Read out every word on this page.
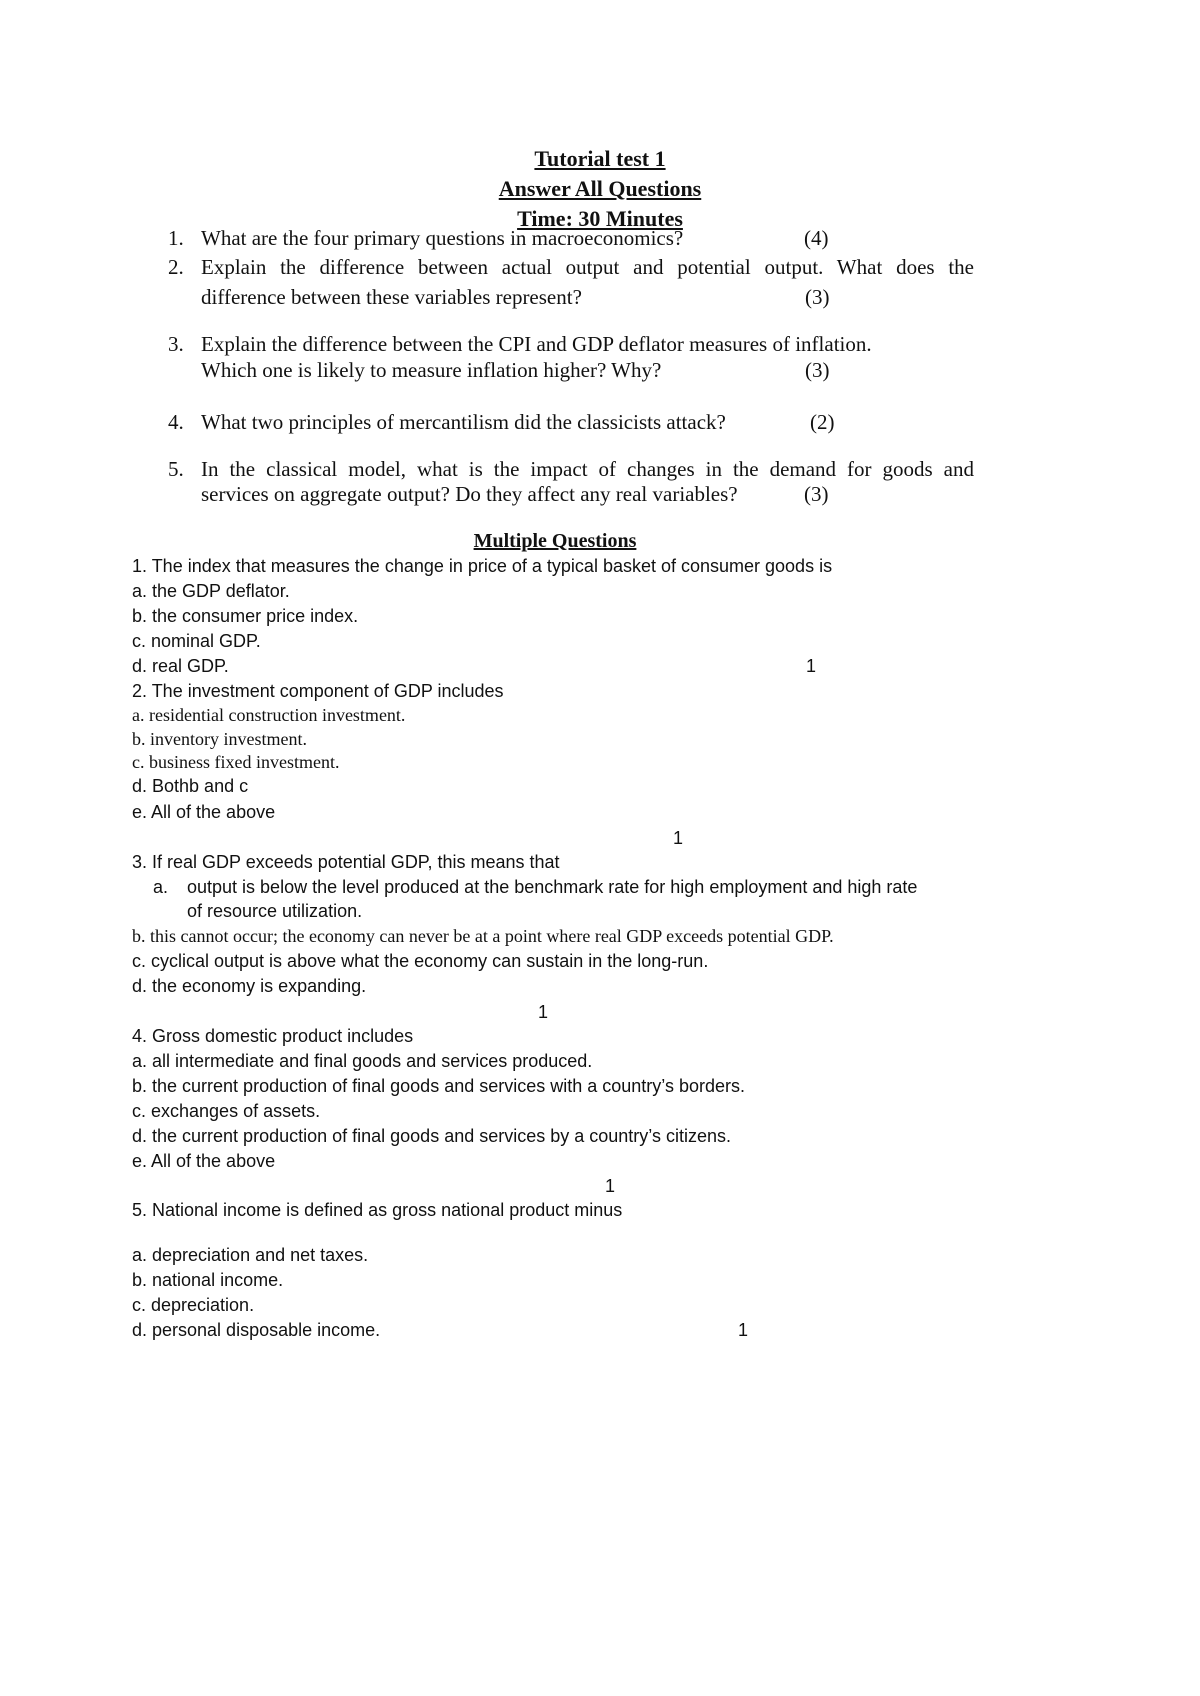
Tutorial test 1
Answer All Questions
Time: 30 Minutes
1. What are the four primary questions in macroeconomics?	(4)
2. Explain the difference between actual output and potential output. What does the
difference between these variables represent?	(3)
3. Explain the difference between the CPI and GDP deflator measures of inflation.
Which one is likely to measure inflation higher? Why?	(3)
4. What two principles of mercantilism did the classicists attack?	(2)
5. In the classical model, what is the impact of changes in the demand for goods and
services on aggregate output? Do they affect any real variables?	(3)
Multiple Questions
1. The index that measures the change in price of a typical basket of consumer goods is
a. the GDP deflator.
b. the consumer price index.
c. nominal GDP.
d. real GDP.	1
2. The investment component of GDP includes
a. residential construction investment.
b. inventory investment.
c. business fixed investment.
d. Bothb and c
e. All of the above
1
3. If real GDP exceeds potential GDP, this means that
a. output is below the level produced at the benchmark rate for high employment and high rate
of resource utilization.
b. this cannot occur; the economy can never be at a point where real GDP exceeds potential GDP.
c. cyclical output is above what the economy can sustain in the long-run.
d. the economy is expanding.
1
4. Gross domestic product includes
a. all intermediate and final goods and services produced.
b. the current production of final goods and services with a country’s borders.
c. exchanges of assets.
d. the current production of final goods and services by a country’s citizens.
e. All of the above
1
5. National income is defined as gross national product minus
a. depreciation and net taxes.
b. national income.
c. depreciation.
d. personal disposable income.	1
